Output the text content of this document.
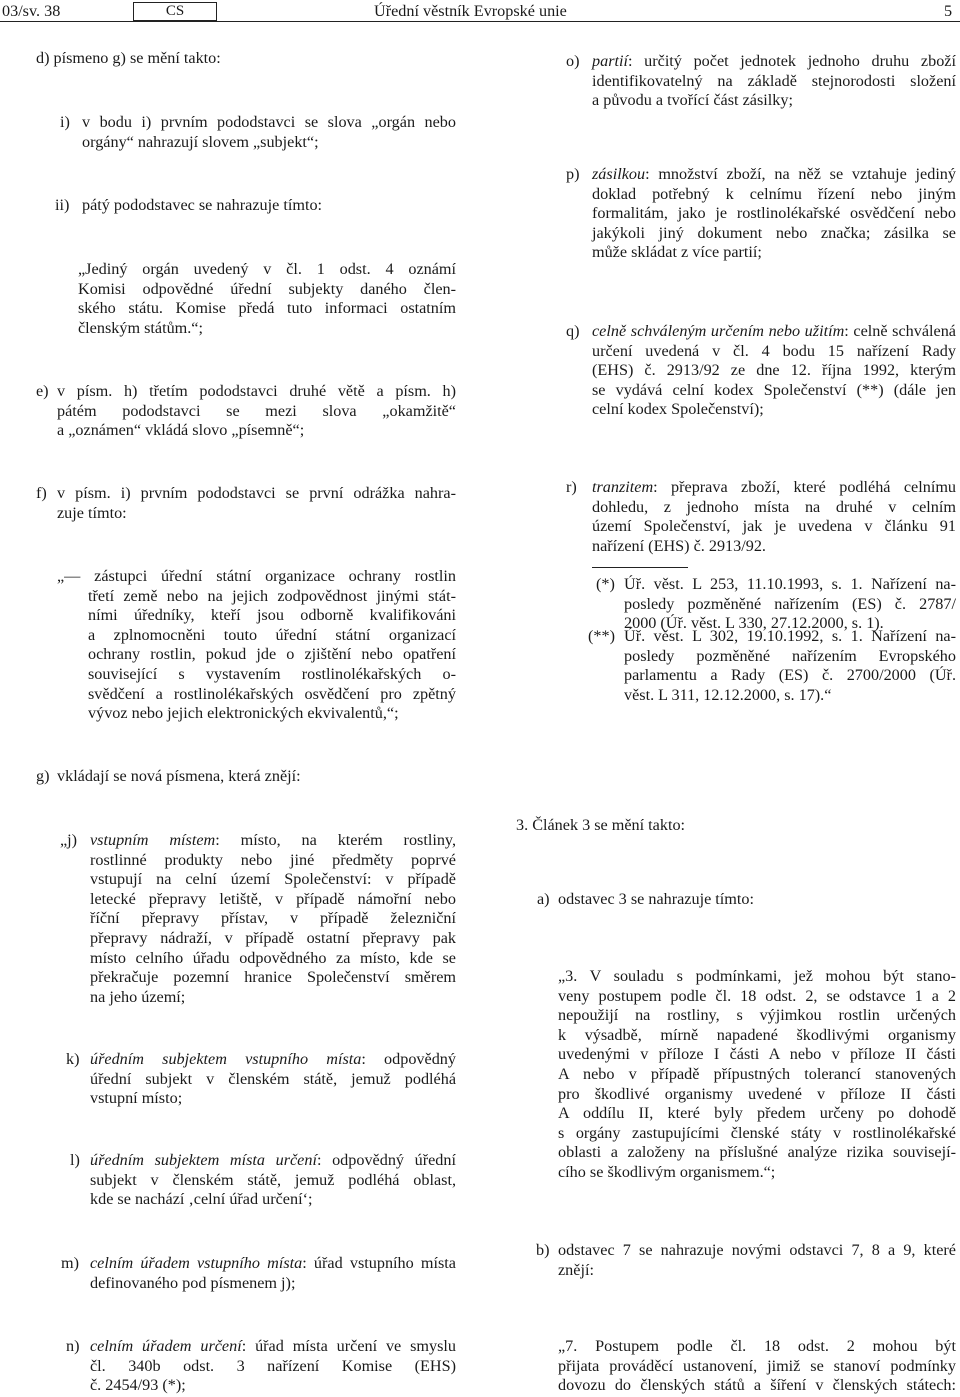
03/sv. 38	CS	Úřední věstník Evropské unie	5
d) písmeno g) se mění takto:
i) v bodu i) prvním pododstavci se slova „orgán nebo
orgány“ nahrazují slovem „subjekt“;
ii) pátý pododstavec se nahrazuje tímto:
„Jediný orgán uvedený v čl. 1 odst. 4 oznámí
Komisi odpovědné úřední subjekty daného člen-
ského státu. Komise předá tuto informaci ostatním
členským státům.“;
e) v písm. h) třetím pododstavci druhé větě a písm. h)
pátém pododstavci se mezi slova „okamžitě“
a „oznámen“ vkládá slovo „písemně“;
f) v písm. i) prvním pododstavci se první odrážka nahra-
zuje tímto:
„— zástupci úřední státní organizace ochrany rostlin
třetí země nebo na jejich zodpovědnost jinými stát-
ními úředníky, kteří jsou odborně kvalifikováni
a zplnomocněni touto úřední státní organizací
ochrany rostlin, pokud jde o zjištění nebo opatření
související s vystavením rostlinolékařských o-
svědčení a rostlinolékařských osvědčení pro zpětný
vývoz nebo jejich elektronických ekvivalentů,“;
g) vkládají se nová písmena, která znějí:
„j) vstupním místem: místo, na kterém rostliny,
rostlinné produkty nebo jiné předměty poprvé
vstupují na celní území Společenství: v případě
letecké přepravy letiště, v případě námořní nebo
říční přepravy přístav, v případě železniční
přepravy nádraží, v případě ostatní přepravy pak
místo celního úřadu odpovědného za místo, kde se
překračuje pozemní hranice Společenství směrem
na jeho území;
k) úředním subjektem vstupního místa: odpovědný
úřední subjekt v členském státě, jemuž podléhá
vstupní místo;
l) úředním subjektem místa určení: odpovědný úřední
subjekt v členském státě, jemuž podléhá oblast,
kde se nachází ‚celní úřad určení‘;
m) celním úřadem vstupního místa: úřad vstupního místa
definovaného pod písmenem j);
n) celním úřadem určení: úřad místa určení ve smyslu
čl. 340b odst. 3 nařízení Komise (EHS)
č. 2454/93 (*);
o) partií: určitý počet jednotek jednoho druhu zboží
identifikovatelný na základě stejnorodosti složení
a původu a tvořící část zásilky;
p) zásilkou: množství zboží, na něž se vztahuje jediný
doklad potřebný k celnímu řízení nebo jiným
formalitám, jako je rostlinolékařské osvědčení nebo
jakýkoli jiný dokument nebo značka; zásilka se
může skládat z více partií;
q) celně schváleným určením nebo užitím: celně schválená
určení uvedená v čl. 4 bodu 15 nařízení Rady
(EHS) č. 2913/92 ze dne 12. října 1992, kterým
se vydává celní kodex Společenství (**) (dále jen
celní kodex Společenství);
r) tranzitem: přeprava zboží, které podléhá celnímu
dohledu, z jednoho místa na druhé v celním
území Společenství, jak je uvedena v článku 91
nařízení (EHS) č. 2913/92.
(*) Úř. věst. L 253, 11.10.1993, s. 1. Nařízení na-
posledy pozměněné nařízením (ES) č. 2787/
2000 (Úř. věst. L 330, 27.12.2000, s. 1).
(**) Úř. věst. L 302, 19.10.1992, s. 1. Nařízení na-
posledy pozměněné nařízením Evropského
parlamentu a Rady (ES) č. 2700/2000 (Úř.
věst. L 311, 12.12.2000, s. 17).“
3. Článek 3 se mění takto:
a) odstavec 3 se nahrazuje tímto:
„3. V souladu s podmínkami, jež mohou být stano-
veny postupem podle čl. 18 odst. 2, se odstavce 1 a 2
nepoužijí na rostliny, s výjimkou rostlin určených
k výsadbě, mírně napadené škodlivými organismy
uvedenými v příloze I části A nebo v příloze II části
A nebo v případě přípustných tolerancí stanovených
pro škodlivé organismy uvedené v příloze II části
A oddílu II, které byly předem určeny po dohodě
s orgány zastupujícími členské státy v rostlinolékařské
oblasti a založeny na příslušné analýze rizika souvisejí-
cího se škodlivým organismem.“;
b) odstavec 7 se nahrazuje novými odstavci 7, 8 a 9, které
znějí:
„7. Postupem podle čl. 18 odst. 2 mohou být
přijata prováděcí ustanovení, jimiž se stanoví podmínky
dovozu do členských států a šíření v členských státech:
